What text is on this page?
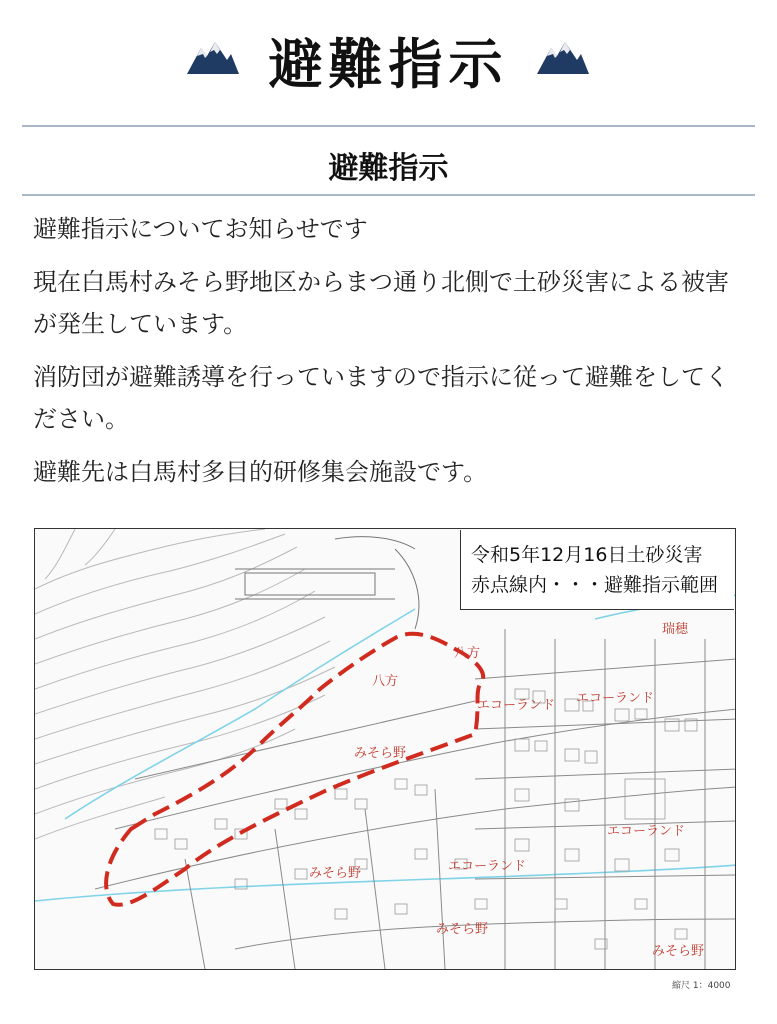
避難指示
避難指示

避難指示についてお知らせです

現在白馬村みそら野地区からまつ通り北側で土砂災害による被害が発生しています。

消防団が避難誘導を行っていますので指示に従って避難をしてください。

避難先は白馬村多目的研修集会施設です。

令和5年12月16日土砂災害
赤点線内・・・避難指示範囲
八方
八方
瑞穂
エコーランド エコーランド
エコーランド
エコーランド
みそら野
みそら野
みそら野
みそら野
縮尺 1：4000
